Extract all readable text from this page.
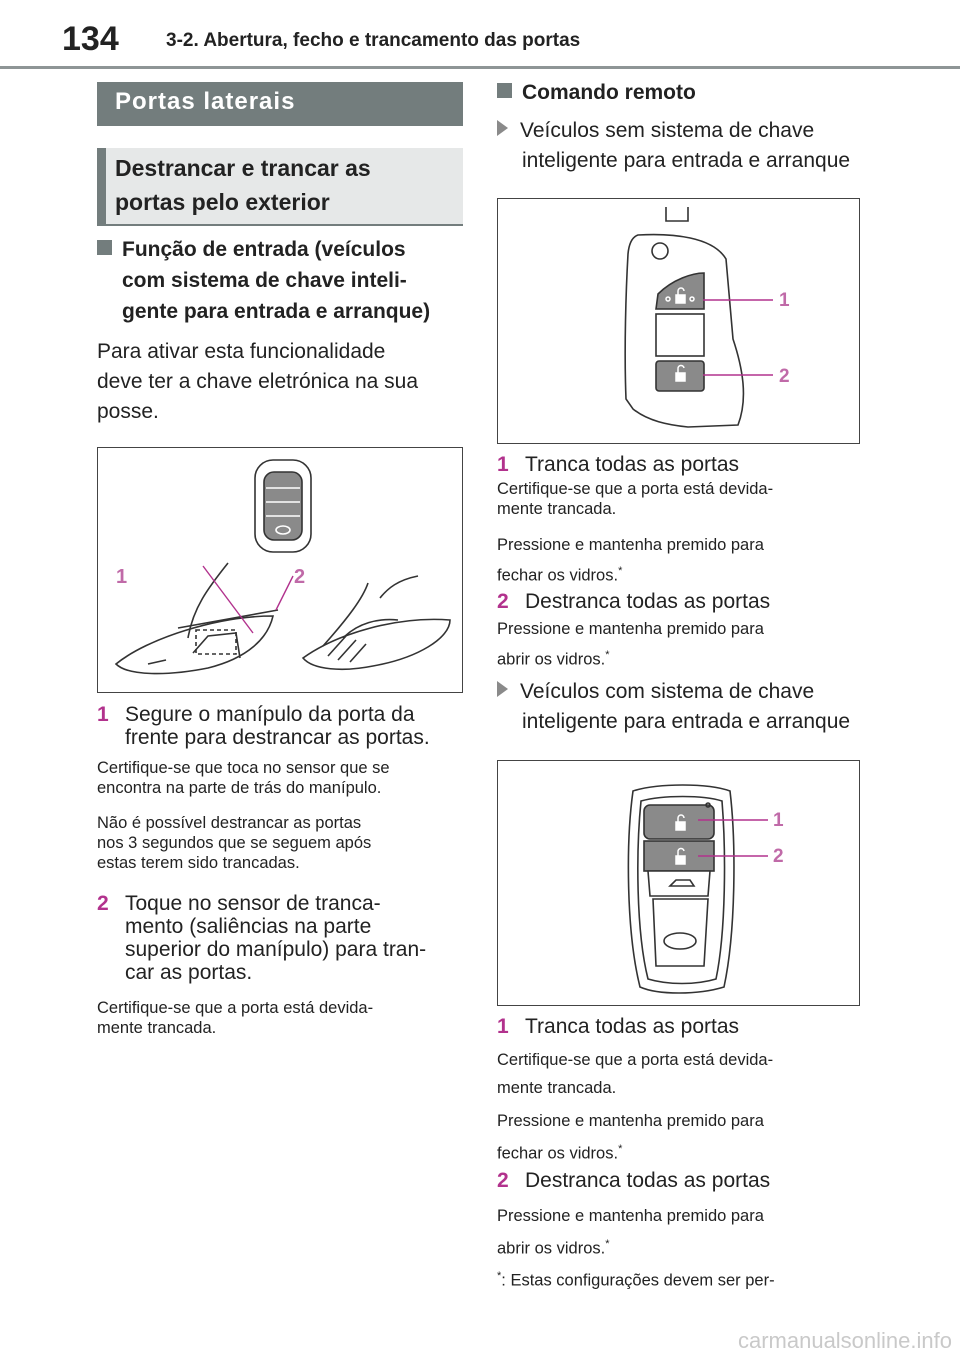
134 3-2. Abertura, fecho e trancamento das portas
Portas laterais
Destrancar e trancar as
portas pelo exterior
Função de entrada (veículos
com sistema de chave inteli-
gente para entrada e arranque)
Para ativar esta funcionalidade
deve ter a chave eletrónica na sua
posse.
1	2
1 Segure o manípulo da porta da
frente para destrancar as portas.
Certifique-se que toca no sensor que se
encontra na parte de trás do manípulo.
Não é possível destrancar as portas
nos 3 segundos que se seguem após
estas terem sido trancadas.
2 Toque no sensor de tranca-
mento (saliências na parte
superior do manípulo) para tran-
car as portas.
Certifique-se que a porta está devida-
mente trancada.
Comando remoto
Veículos sem sistema de chave
inteligente para entrada e arranque
1
2
1 Tranca todas as portas
Certifique-se que a porta está devida-
mente trancada.
Pressione e mantenha premido para
fechar os vidros.*
2 Destranca todas as portas
Pressione e mantenha premido para
abrir os vidros.*
Veículos com sistema de chave
inteligente para entrada e arranque
1
2
1 Tranca todas as portas
Certifique-se que a porta está devida-
mente trancada.
Pressione e mantenha premido para
fechar os vidros.*
2 Destranca todas as portas
Pressione e mantenha premido para
abrir os vidros.*
*: Estas configurações devem ser per-
carmanualsonline.info
